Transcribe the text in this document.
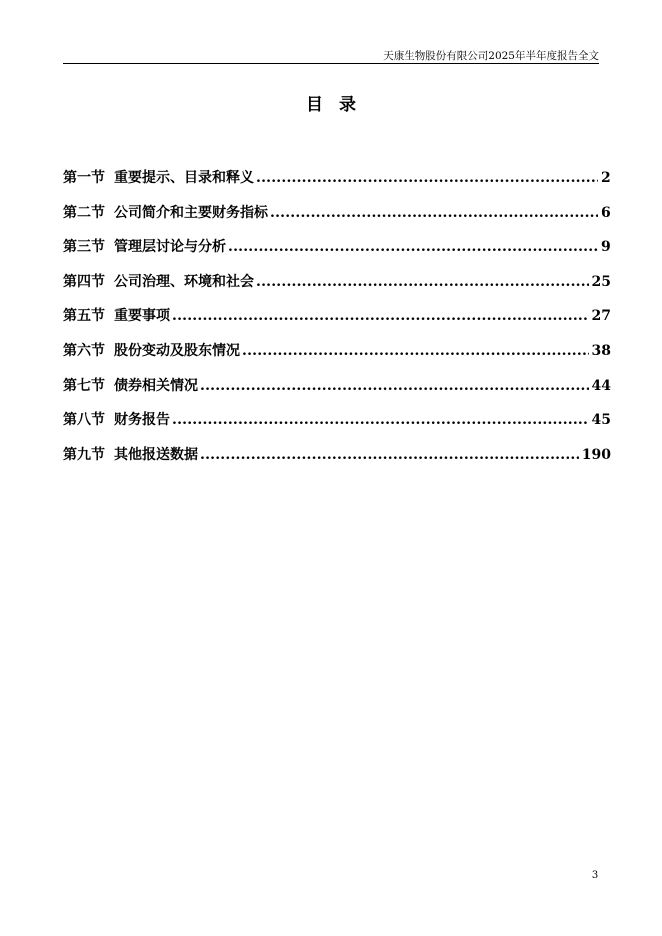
天康生物股份有限公司2025年半年度报告全文
目录
第一节 重要提示、目录和释义 .....	2
第二节 公司简介和主要财务指标 .....	6
第三节 管理层讨论与分析 .....	9
第四节 公司治理、环境和社会 .....	25
第五节 重要事项 .....	27
第六节 股份变动及股东情况 .....	38
第七节 债券相关情况 .....	44
第八节 财务报告 .....	45
第九节 其他报送数据 .....	190
3
